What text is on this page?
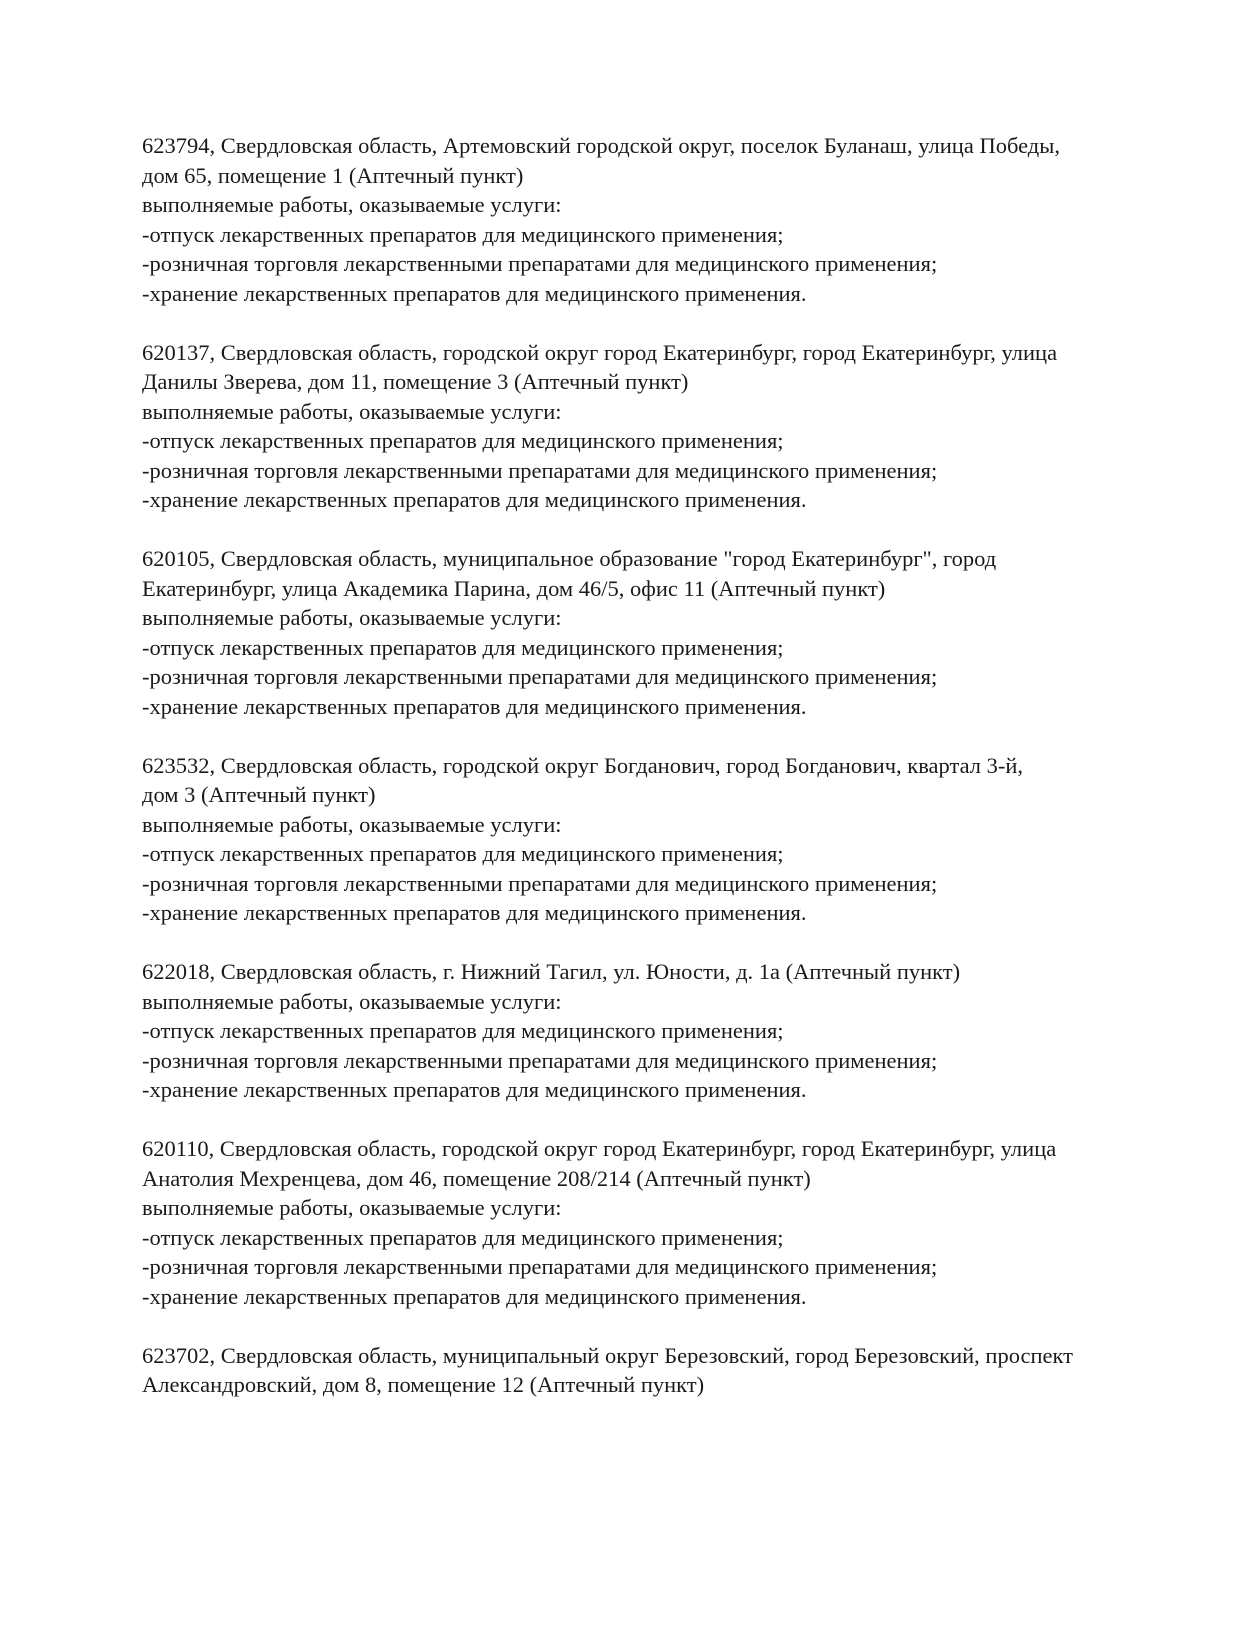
623794, Свердловская область, Артемовский городской округ, поселок Буланаш, улица Победы,
дом 65, помещение 1 (Аптечный пункт)
выполняемые работы, оказываемые услуги:
-отпуск лекарственных препаратов для медицинского применения;
-розничная торговля лекарственными препаратами для медицинского применения;
-хранение лекарственных препаратов для медицинского применения.
620137, Свердловская область, городской округ город Екатеринбург, город Екатеринбург, улица
Данилы Зверева, дом 11, помещение 3 (Аптечный пункт)
выполняемые работы, оказываемые услуги:
-отпуск лекарственных препаратов для медицинского применения;
-розничная торговля лекарственными препаратами для медицинского применения;
-хранение лекарственных препаратов для медицинского применения.
620105, Свердловская область, муниципальное образование "город Екатеринбург", город
Екатеринбург, улица Академика Парина, дом 46/5, офис 11 (Аптечный пункт)
выполняемые работы, оказываемые услуги:
-отпуск лекарственных препаратов для медицинского применения;
-розничная торговля лекарственными препаратами для медицинского применения;
-хранение лекарственных препаратов для медицинского применения.
623532, Свердловская область, городской округ Богданович, город Богданович, квартал 3-й,
дом 3 (Аптечный пункт)
выполняемые работы, оказываемые услуги:
-отпуск лекарственных препаратов для медицинского применения;
-розничная торговля лекарственными препаратами для медицинского применения;
-хранение лекарственных препаратов для медицинского применения.
622018, Свердловская область, г. Нижний Тагил, ул. Юности, д. 1а (Аптечный пункт)
выполняемые работы, оказываемые услуги:
-отпуск лекарственных препаратов для медицинского применения;
-розничная торговля лекарственными препаратами для медицинского применения;
-хранение лекарственных препаратов для медицинского применения.
620110, Свердловская область, городской округ город Екатеринбург, город Екатеринбург, улица
Анатолия Мехренцева, дом 46, помещение 208/214 (Аптечный пункт)
выполняемые работы, оказываемые услуги:
-отпуск лекарственных препаратов для медицинского применения;
-розничная торговля лекарственными препаратами для медицинского применения;
-хранение лекарственных препаратов для медицинского применения.
623702, Свердловская область, муниципальный округ Березовский, город Березовский, проспект
Александровский, дом 8, помещение 12 (Аптечный пункт)
